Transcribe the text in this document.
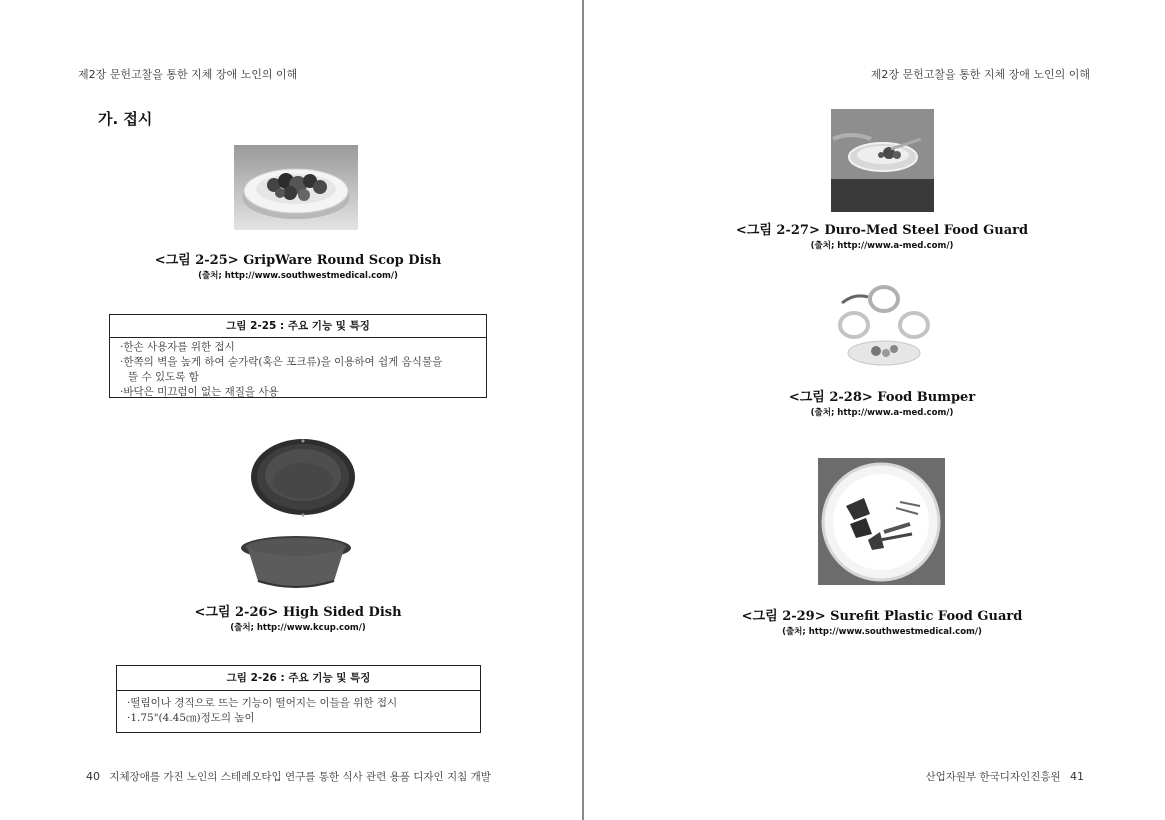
제2장 문헌고찰을 통한 지체 장애 노인의 이해
가. 접시
<그림 2-25> GripWare Round Scop Dish
(출처; http://www.southwestmedical.com/)
그림 2-25 : 주요 기능 및 특징
·한손 사용자를 위한 접시
·한쪽의 벽을 높게 하여 숟가락(혹은 포크류)을 이용하여 쉽게 음식물을
뜰 수 있도록 함
·바닥은 미끄럼이 없는 재질을 사용
<그림 2-26> High Sided Dish
(출처; http://www.kcup.com/)
그림 2-26 : 주요 기능 및 특징
·떨림이나 경직으로 뜨는 기능이 떨어지는 이들을 위한 접시
·1.75"(4.45㎝)정도의 높이
40 지체장애를 가진 노인의 스테레오타입 연구를 통한 식사 관련 용품 디자인 지침 개발
제2장 문헌고찰을 통한 지체 장애 노인의 이해
<그림 2-27> Duro-Med Steel Food Guard
(출처; http://www.a-med.com/)
<그림 2-28> Food Bumper
(출처; http://www.a-med.com/)
<그림 2-29> Surefit Plastic Food Guard
(출처; http://www.southwestmedical.com/)
산업자원부 한국디자인진흥원 41
